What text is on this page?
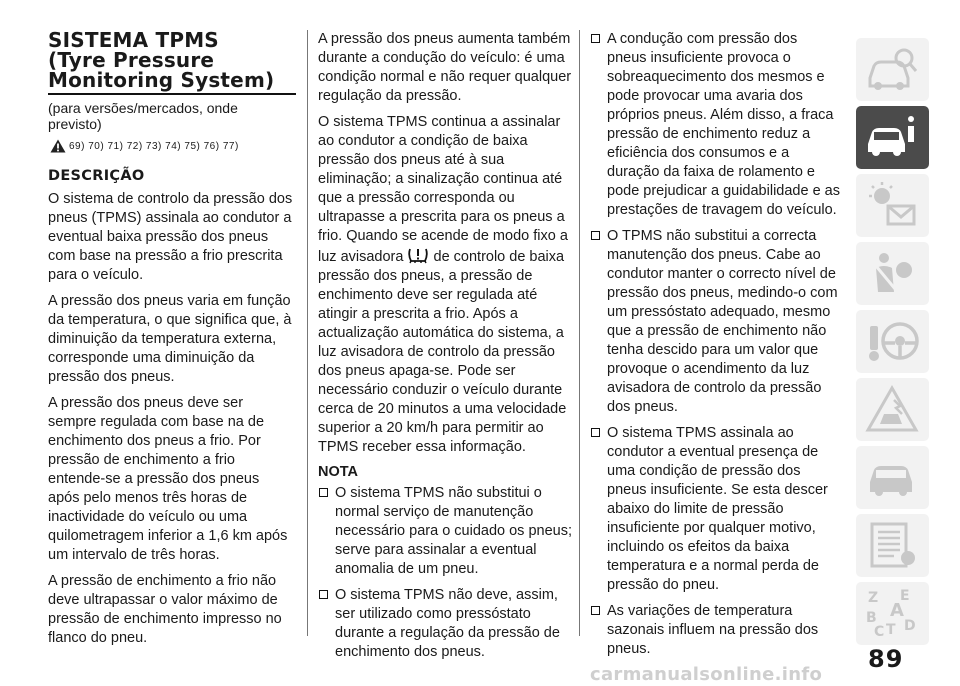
SISTEMA TPMS
(Tyre Pressure
Monitoring System)
(para versões/mercados, onde previsto)
69) 70) 71) 72) 73) 74) 75) 76) 77)
DESCRIÇÃO

O sistema de controlo da pressão dos pneus (TPMS) assinala ao condutor a eventual baixa pressão dos pneus com base na pressão a frio prescrita para o veículo.

A pressão dos pneus varia em função da temperatura, o que significa que, à diminuição da temperatura externa, corresponde uma diminuição da pressão dos pneus.

A pressão dos pneus deve ser sempre regulada com base na de enchimento dos pneus a frio. Por pressão de enchimento a frio entende-se a pressão dos pneus após pelo menos três horas de inactividade do veículo ou uma quilometragem inferior a 1,6 km após um intervalo de três horas.

A pressão de enchimento a frio não deve ultrapassar o valor máximo de pressão de enchimento impresso no flanco do pneu.

A pressão dos pneus aumenta também durante a condução do veículo: é uma condição normal e não requer qualquer regulação da pressão.

O sistema TPMS continua a assinalar ao condutor a condição de baixa pressão dos pneus até à sua eliminação; a sinalização continua até que a pressão corresponda ou ultrapasse a prescrita para os pneus a frio. Quando se acende de modo fixo a luz avisadora de controlo de baixa pressão dos pneus, a pressão de enchimento deve ser regulada até atingir a prescrita a frio. Após a actualização automática do sistema, a luz avisadora de controlo da pressão dos pneus apaga-se. Pode ser necessário conduzir o veículo durante cerca de 20 minutos a uma velocidade superior a 20 km/h para permitir ao TPMS receber essa informação.

NOTA
O sistema TPMS não substitui o normal serviço de manutenção necessário para o cuidado os pneus; serve para assinalar a eventual anomalia de um pneu.
O sistema TPMS não deve, assim, ser utilizado como pressóstato durante a regulação da pressão de enchimento dos pneus.
A condução com pressão dos pneus insuficiente provoca o sobreaquecimento dos mesmos e pode provocar uma avaria dos próprios pneus. Além disso, a fraca pressão de enchimento reduz a eficiência dos consumos e a duração da faixa de rolamento e pode prejudicar a guidabilidade e as prestações de travagem do veículo.
O TPMS não substitui a correcta manutenção dos pneus. Cabe ao condutor manter o correcto nível de pressão dos pneus, medindo-o com um pressóstato adequado, mesmo que a pressão de enchimento não tenha descido para um valor que provoque o acendimento da luz avisadora de controlo da pressão dos pneus.
O sistema TPMS assinala ao condutor a eventual presença de uma condição de pressão dos pneus insuficiente. Se esta descer abaixo do limite de pressão insuficiente por qualquer motivo, incluindo os efeitos da baixa temperatura e a normal perda de pressão do pneu.
As variações de temperatura sazonais influem na pressão dos pneus.
Z E
A
B
C T D
89
carmanualsonline.info
